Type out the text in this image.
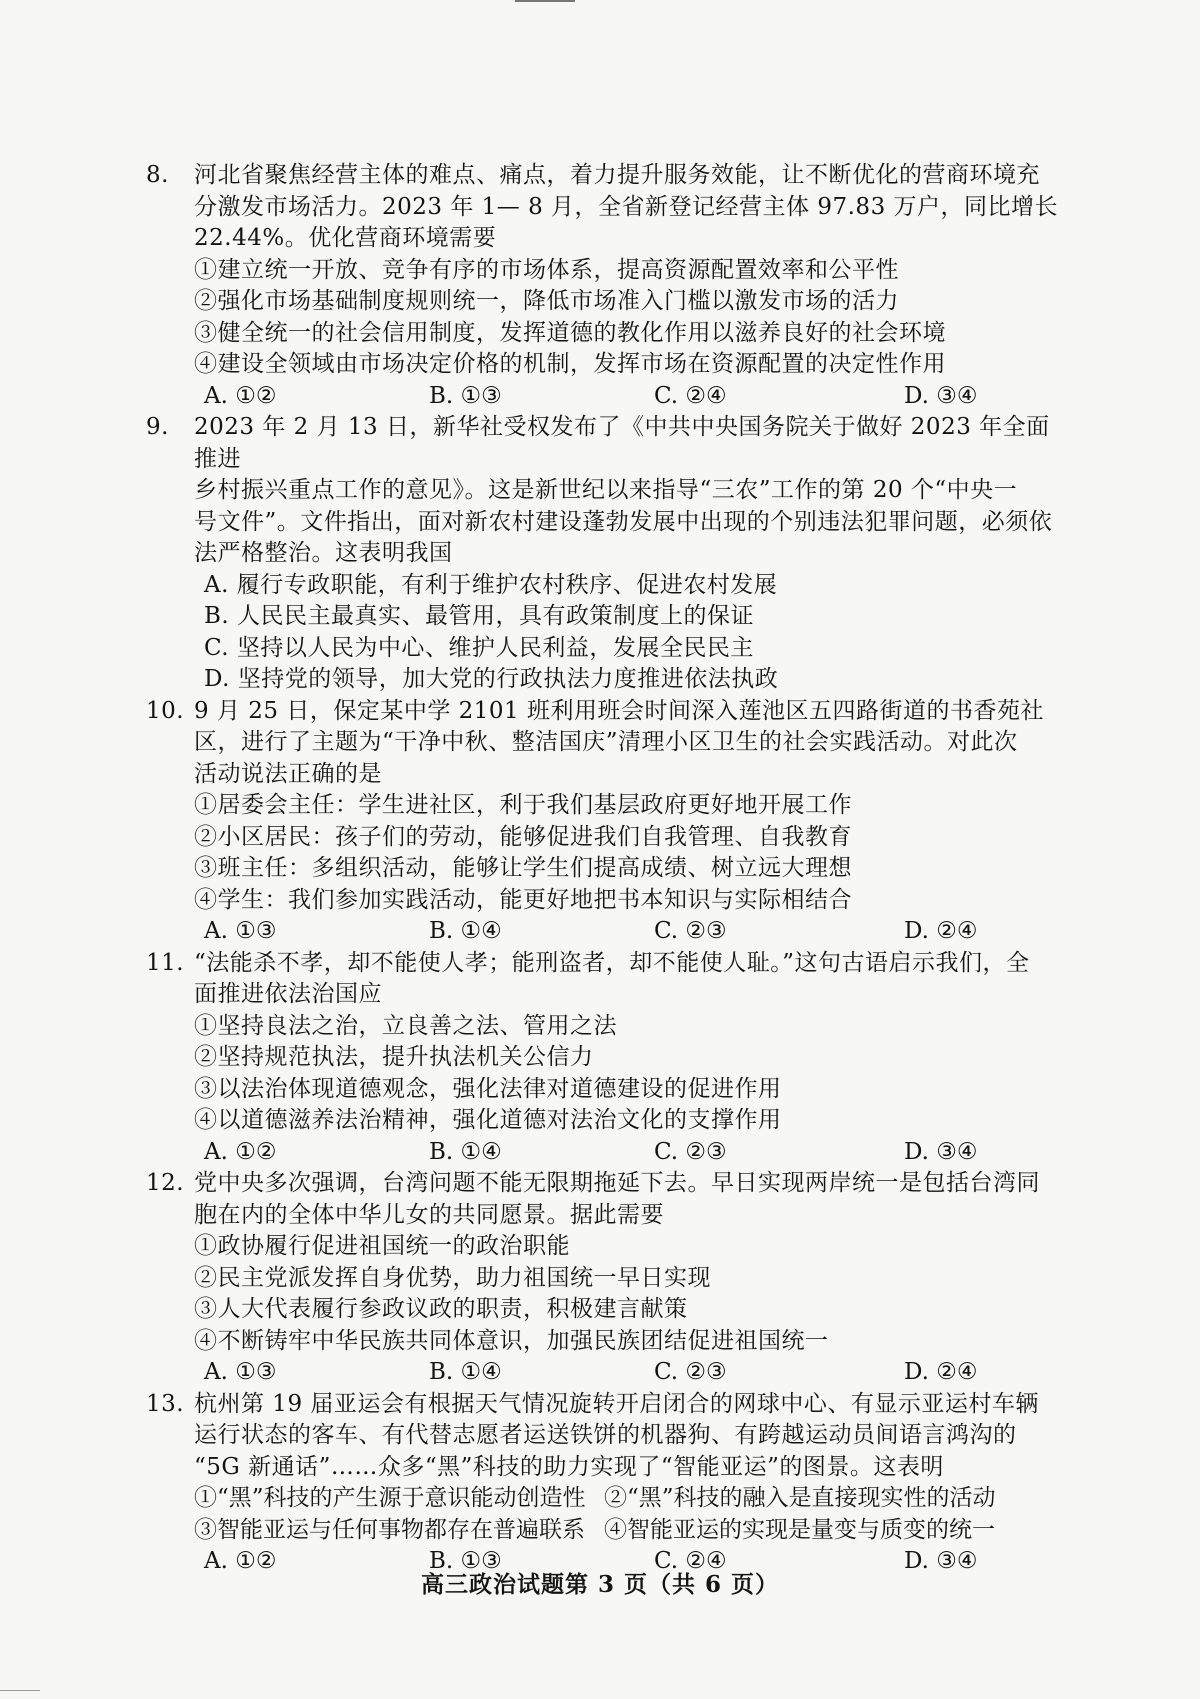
8. 河北省聚焦经营主体的难点、痛点，着力提升服务效能，让不断优化的营商环境充
分激发市场活力。2023 年 1— 8 月，全省新登记经营主体 97.83 万户，同比增长
22.44%。优化营商环境需要
①建立统一开放、竞争有序的市场体系，提高资源配置效率和公平性
②强化市场基础制度规则统一，降低市场准入门槛以激发市场的活力
③健全统一的社会信用制度，发挥道德的教化作用以滋养良好的社会环境
④建设全领域由市场决定价格的机制，发挥市场在资源配置的决定性作用
A. ①②	B. ①③	C. ②④	D. ③④
9. 2023 年 2 月 13 日，新华社受权发布了《中共中央国务院关于做好 2023 年全面推进
乡村振兴重点工作的意见》。这是新世纪以来指导“三农”工作的第 20 个“中央一
号文件”。文件指出，面对新农村建设蓬勃发展中出现的个别违法犯罪问题，必须依
法严格整治。这表明我国
A. 履行专政职能，有利于维护农村秩序、促进农村发展
B. 人民民主最真实、最管用，具有政策制度上的保证
C. 坚持以人民为中心、维护人民利益，发展全民民主
D. 坚持党的领导，加大党的行政执法力度推进依法执政
10. 9 月 25 日，保定某中学 2101 班利用班会时间深入莲池区五四路街道的书香苑社
区，进行了主题为“干净中秋、整洁国庆”清理小区卫生的社会实践活动。对此次
活动说法正确的是
①居委会主任：学生进社区，利于我们基层政府更好地开展工作
②小区居民：孩子们的劳动，能够促进我们自我管理、自我教育
③班主任：多组织活动，能够让学生们提高成绩、树立远大理想
④学生：我们参加实践活动，能更好地把书本知识与实际相结合
A. ①③	B. ①④	C. ②③	D. ②④
11. “法能杀不孝，却不能使人孝；能刑盗者，却不能使人耻。”这句古语启示我们，全
面推进依法治国应
①坚持良法之治，立良善之法、管用之法
②坚持规范执法，提升执法机关公信力
③以法治体现道德观念，强化法律对道德建设的促进作用
④以道德滋养法治精神，强化道德对法治文化的支撑作用
A. ①②	B. ①④	C. ②③	D. ③④
12. 党中央多次强调，台湾问题不能无限期拖延下去。早日实现两岸统一是包括台湾同
胞在内的全体中华儿女的共同愿景。据此需要
①政协履行促进祖国统一的政治职能
②民主党派发挥自身优势，助力祖国统一早日实现
③人大代表履行参政议政的职责，积极建言献策
④不断铸牢中华民族共同体意识，加强民族团结促进祖国统一
A. ①③	B. ①④	C. ②③	D. ②④
13. 杭州第 19 届亚运会有根据天气情况旋转开启闭合的网球中心、有显示亚运村车辆
运行状态的客车、有代替志愿者运送铁饼的机器狗、有跨越运动员间语言鸿沟的
“5G 新通话”……众多“黑”科技的助力实现了“智能亚运”的图景。这表明
①“黑”科技的产生源于意识能动创造性 ②“黑”科技的融入是直接现实性的活动
③智能亚运与任何事物都存在普遍联系 ④智能亚运的实现是量变与质变的统一
A. ①②	B. ①③	C. ②④	D. ③④
高三政治试题第 3 页（共 6 页）
